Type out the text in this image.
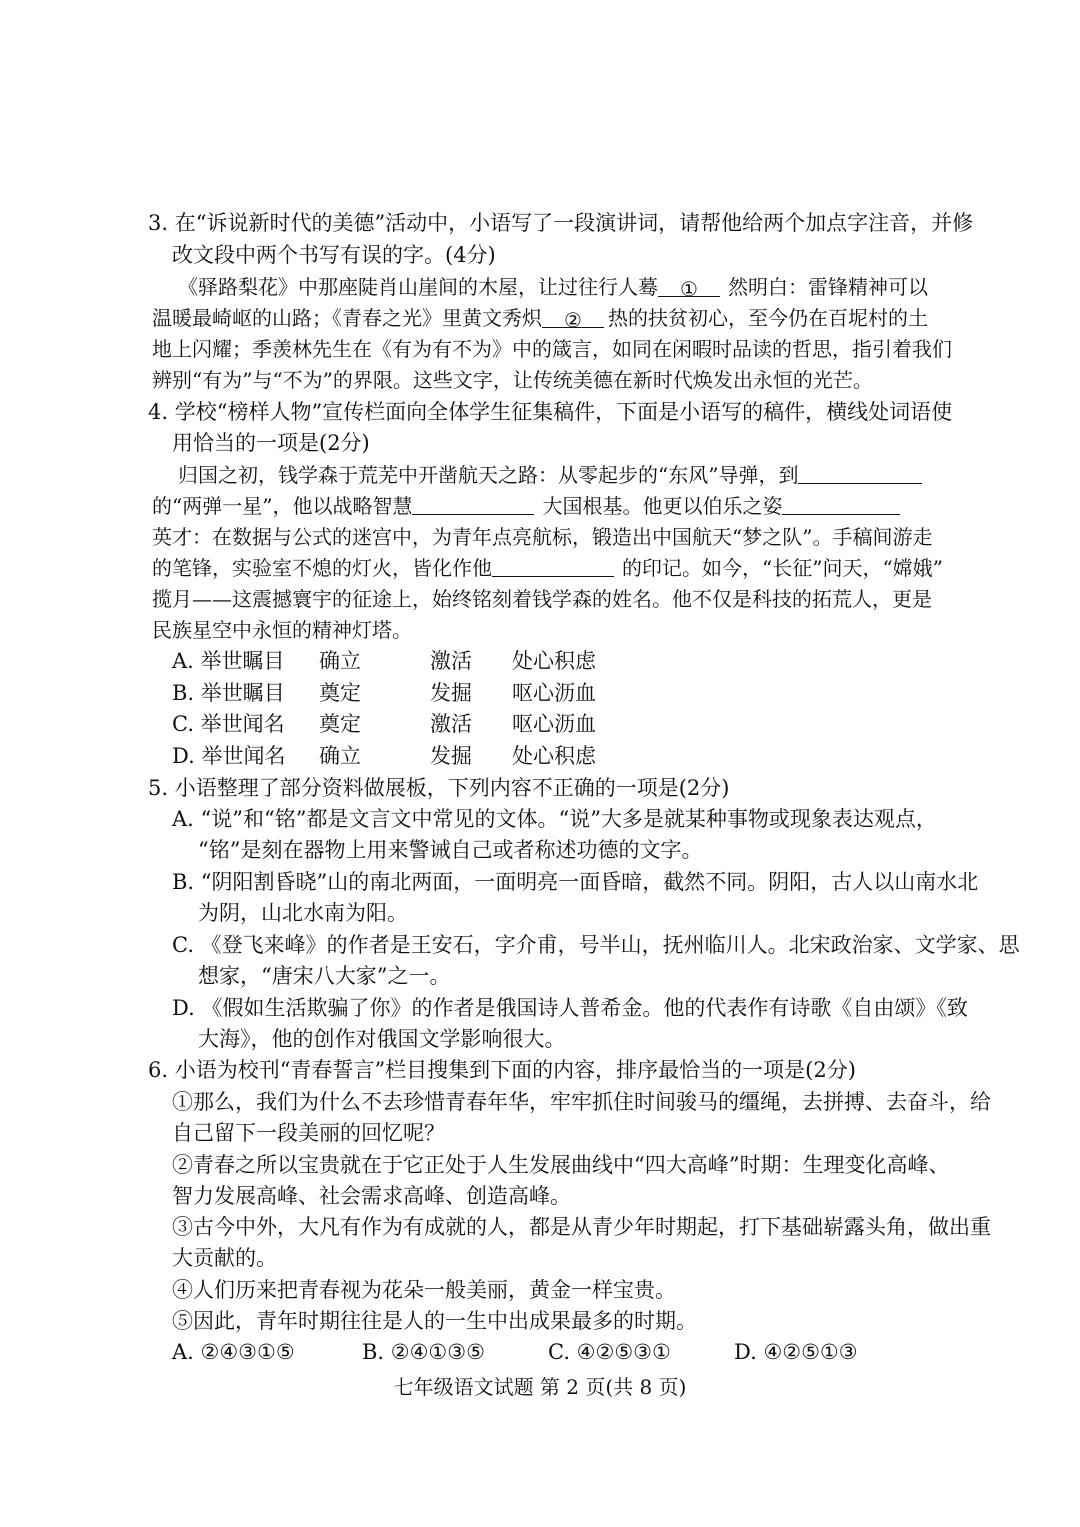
3. 在“诉说新时代的美德”活动中，小语写了一段演讲词，请帮他给两个加点字注音，并修
改文段中两个书写有误的字。(4分)
《驿路梨花》中那座陡肖山崖间的木屋，让过往行人蓦 ① 然明白：雷锋精神可以
温暖最崎岖的山路；《青春之光》里黄文秀炽 ② 热的扶贫初心，至今仍在百坭村的土
地上闪耀；季羡林先生在《有为有不为》中的箴言，如同在闲暇时品读的哲思，指引着我们
辨别“有为”与“不为”的界限。这些文字，让传统美德在新时代焕发出永恒的光芒。
4. 学校“榜样人物”宣传栏面向全体学生征集稿件，下面是小语写的稿件，横线处词语使
用恰当的一项是(2分)
归国之初，钱学森于荒芜中开凿航天之路：从零起步的“东风”导弹，到
的“两弹一星”，他以战略智慧	大国根基。他更以伯乐之姿
英才：在数据与公式的迷宫中，为青年点亮航标，锻造出中国航天“梦之队”。手稿间游走
的笔锋，实验室不熄的灯火，皆化作他	的印记。如今，“长征”问天，“嫦娥”
揽月——这震撼寰宇的征途上，始终铭刻着钱学森的姓名。他不仅是科技的拓荒人，更是
民族星空中永恒的精神灯塔。
A. 举世瞩目 确立	激活 处心积虑
B. 举世瞩目 奠定	发掘 呕心沥血
C. 举世闻名 奠定	激活 呕心沥血
D. 举世闻名 确立	发掘 处心积虑
5. 小语整理了部分资料做展板，下列内容不正确的一项是(2分)
A. “说”和“铭”都是文言文中常见的文体。“说”大多是就某种事物或现象表达观点，
“铭”是刻在器物上用来警诫自己或者称述功德的文字。
B. “阴阳割昏晓”山的南北两面，一面明亮一面昏暗，截然不同。阴阳，古人以山南水北
为阴，山北水南为阳。
C. 《登飞来峰》的作者是王安石，字介甫，号半山，抚州临川人。北宋政治家、文学家、思
想家，“唐宋八大家”之一。
D. 《假如生活欺骗了你》的作者是俄国诗人普希金。他的代表作有诗歌《自由颂》《致
大海》，他的创作对俄国文学影响很大。
6. 小语为校刊“青春誓言”栏目搜集到下面的内容，排序最恰当的一项是(2分)
①那么，我们为什么不去珍惜青春年华，牢牢抓住时间骏马的缰绳，去拼搏、去奋斗，给
自己留下一段美丽的回忆呢？
②青春之所以宝贵就在于它正处于人生发展曲线中“四大高峰”时期：生理变化高峰、
智力发展高峰、社会需求高峰、创造高峰。
③古今中外，大凡有作为有成就的人，都是从青少年时期起，打下基础崭露头角，做出重
大贡献的。
④人们历来把青春视为花朵一般美丽，黄金一样宝贵。
⑤因此，青年时期往往是人的一生中出成果最多的时期。
A. ②④③①⑤	B. ②④①③⑤	C. ④②⑤③①	D. ④②⑤①③
七年级语文试题 第 2 页(共 8 页)
